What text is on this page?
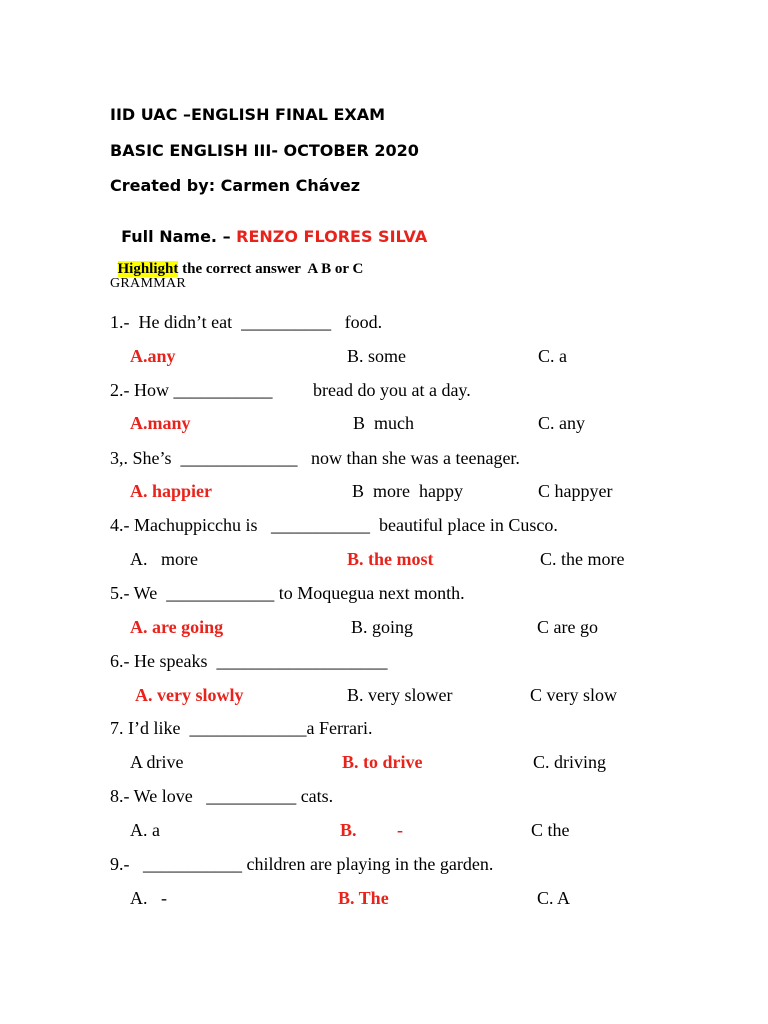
IID UAC –ENGLISH FINAL EXAM
BASIC ENGLISH III- OCTOBER 2020
Created by: Carmen Chávez

Full Name. – RENZO FLORES SILVA

Highlight the correct answer  A B or C

GRAMMAR
1.-  He didn’t eat  __________   food.
A.any	B. some	C. a
2.- How ___________         bread do you at a day.
A.many	B  much	C. any
3,. She’s  _____________   now than she was a teenager.
A. happier	B  more  happy	C happyer
4.- Machuppicchu is   ___________  beautiful place in Cusco.
A.   more	B. the most	C. the more
5.- We  ____________ to Moquegua next month.
A. are going	B. going	C are go
6.- He speaks  ___________________
A. very slowly	B. very slower	C very slow
7. I’d like  _____________a Ferrari.
A drive	B. to drive	C. driving
8.- We love   __________ cats.
A. a	B.         -	C the
9.-   ___________ children are playing in the garden.
A.   -	B. The	C. A
